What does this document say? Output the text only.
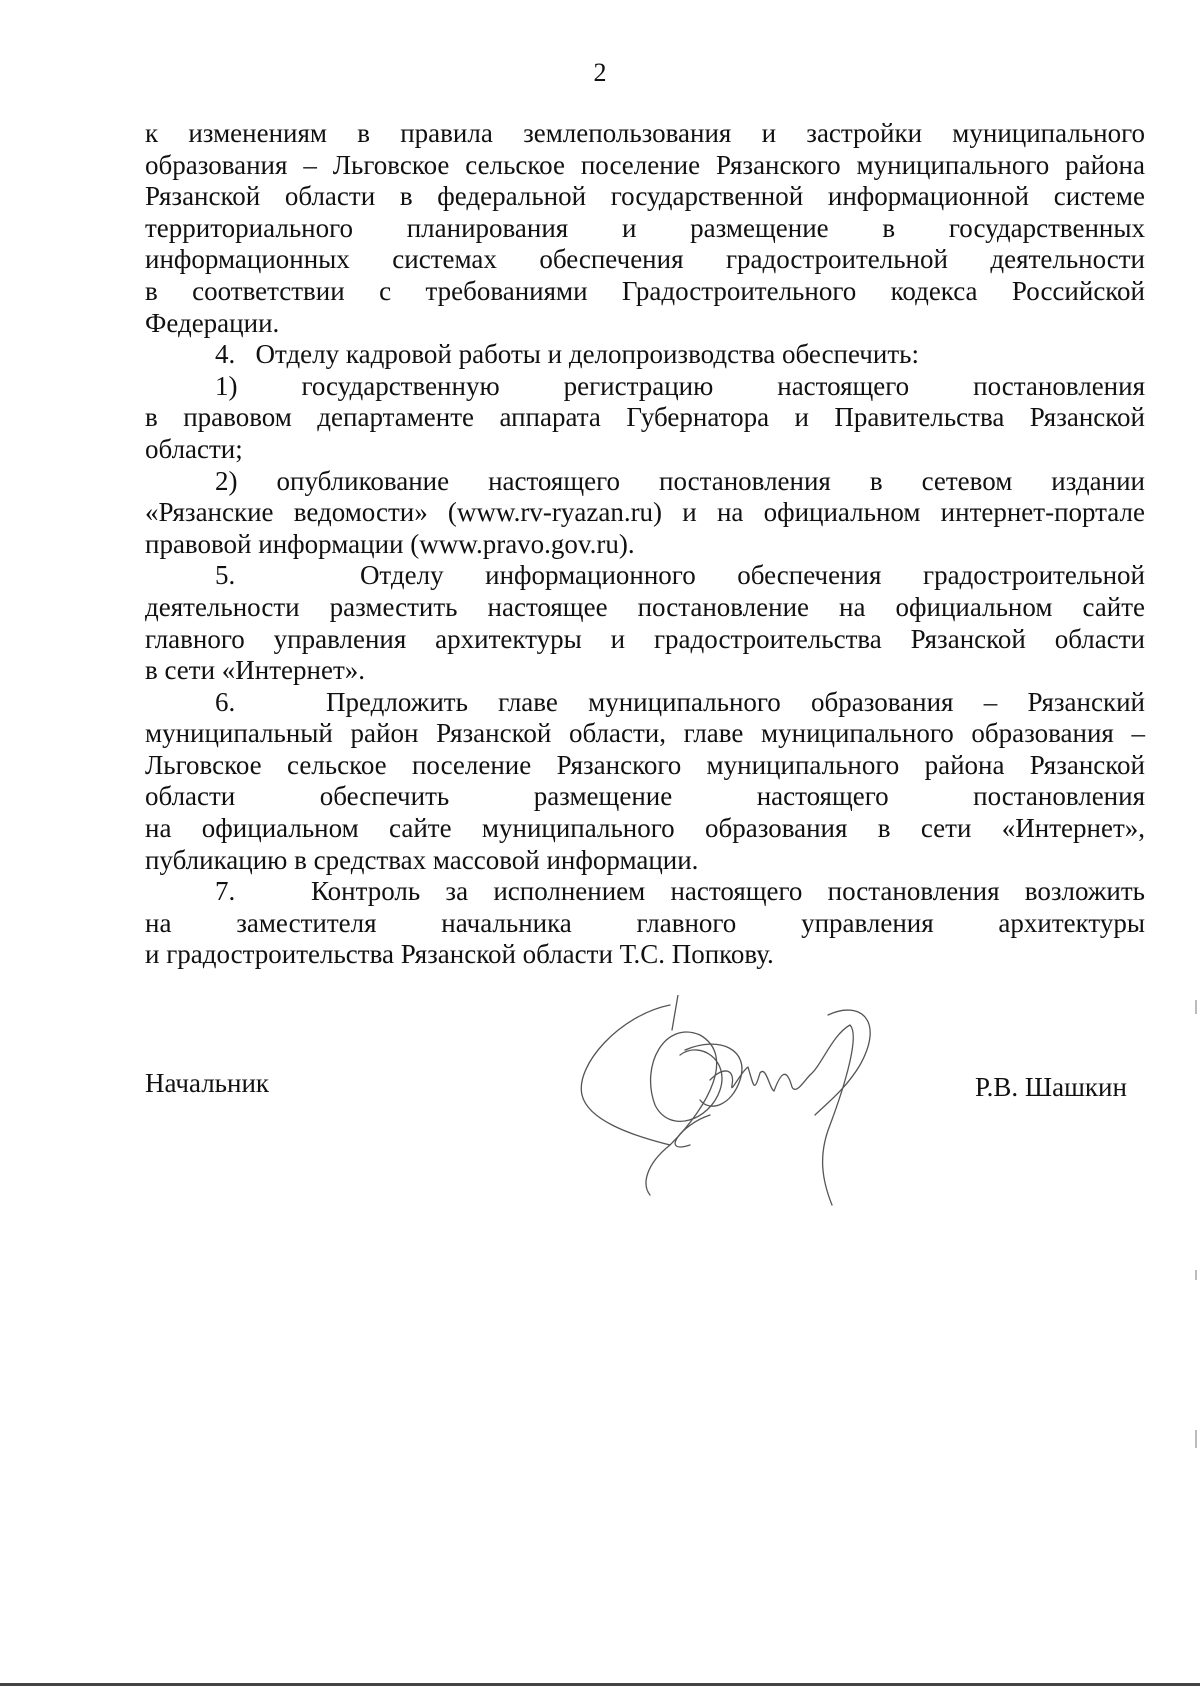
2

к изменениям в правила землепользования и застройки муниципального

образования – Льговское сельское поселение Рязанского муниципального района

Рязанской области в федеральной государственной информационной системе

территориального планирования и размещение в государственных

информационных системах обеспечения градостроительной деятельности

в соответствии с требованиями Градостроительного кодекса Российской

Федерации.

4.   Отделу кадровой работы и делопроизводства обеспечить:

1) государственную регистрацию настоящего постановления

в правовом департаменте аппарата Губернатора и Правительства Рязанской

области;

2) опубликование настоящего постановления в сетевом издании

«Рязанские ведомости» (www.rv-ryazan.ru) и на официальном интернет-портале

правовой информации (www.pravo.gov.ru).

5.   Отделу информационного обеспечения градостроительной

деятельности разместить настоящее постановление на официальном сайте

главного управления архитектуры и градостроительства Рязанской области

в сети «Интернет».

6.   Предложить главе муниципального образования – Рязанский

муниципальный район Рязанской области, главе муниципального образования –

Льговское сельское поселение Рязанского муниципального района Рязанской

области обеспечить размещение настоящего постановления

на официальном сайте муниципального образования в сети «Интернет»,

публикацию в средствах массовой информации.

7.   Контроль за исполнением настоящего постановления возложить

на заместителя начальника главного управления архитектуры

и градостроительства Рязанской области Т.С. Попкову.

Начальник	Р.В. Шашкин
